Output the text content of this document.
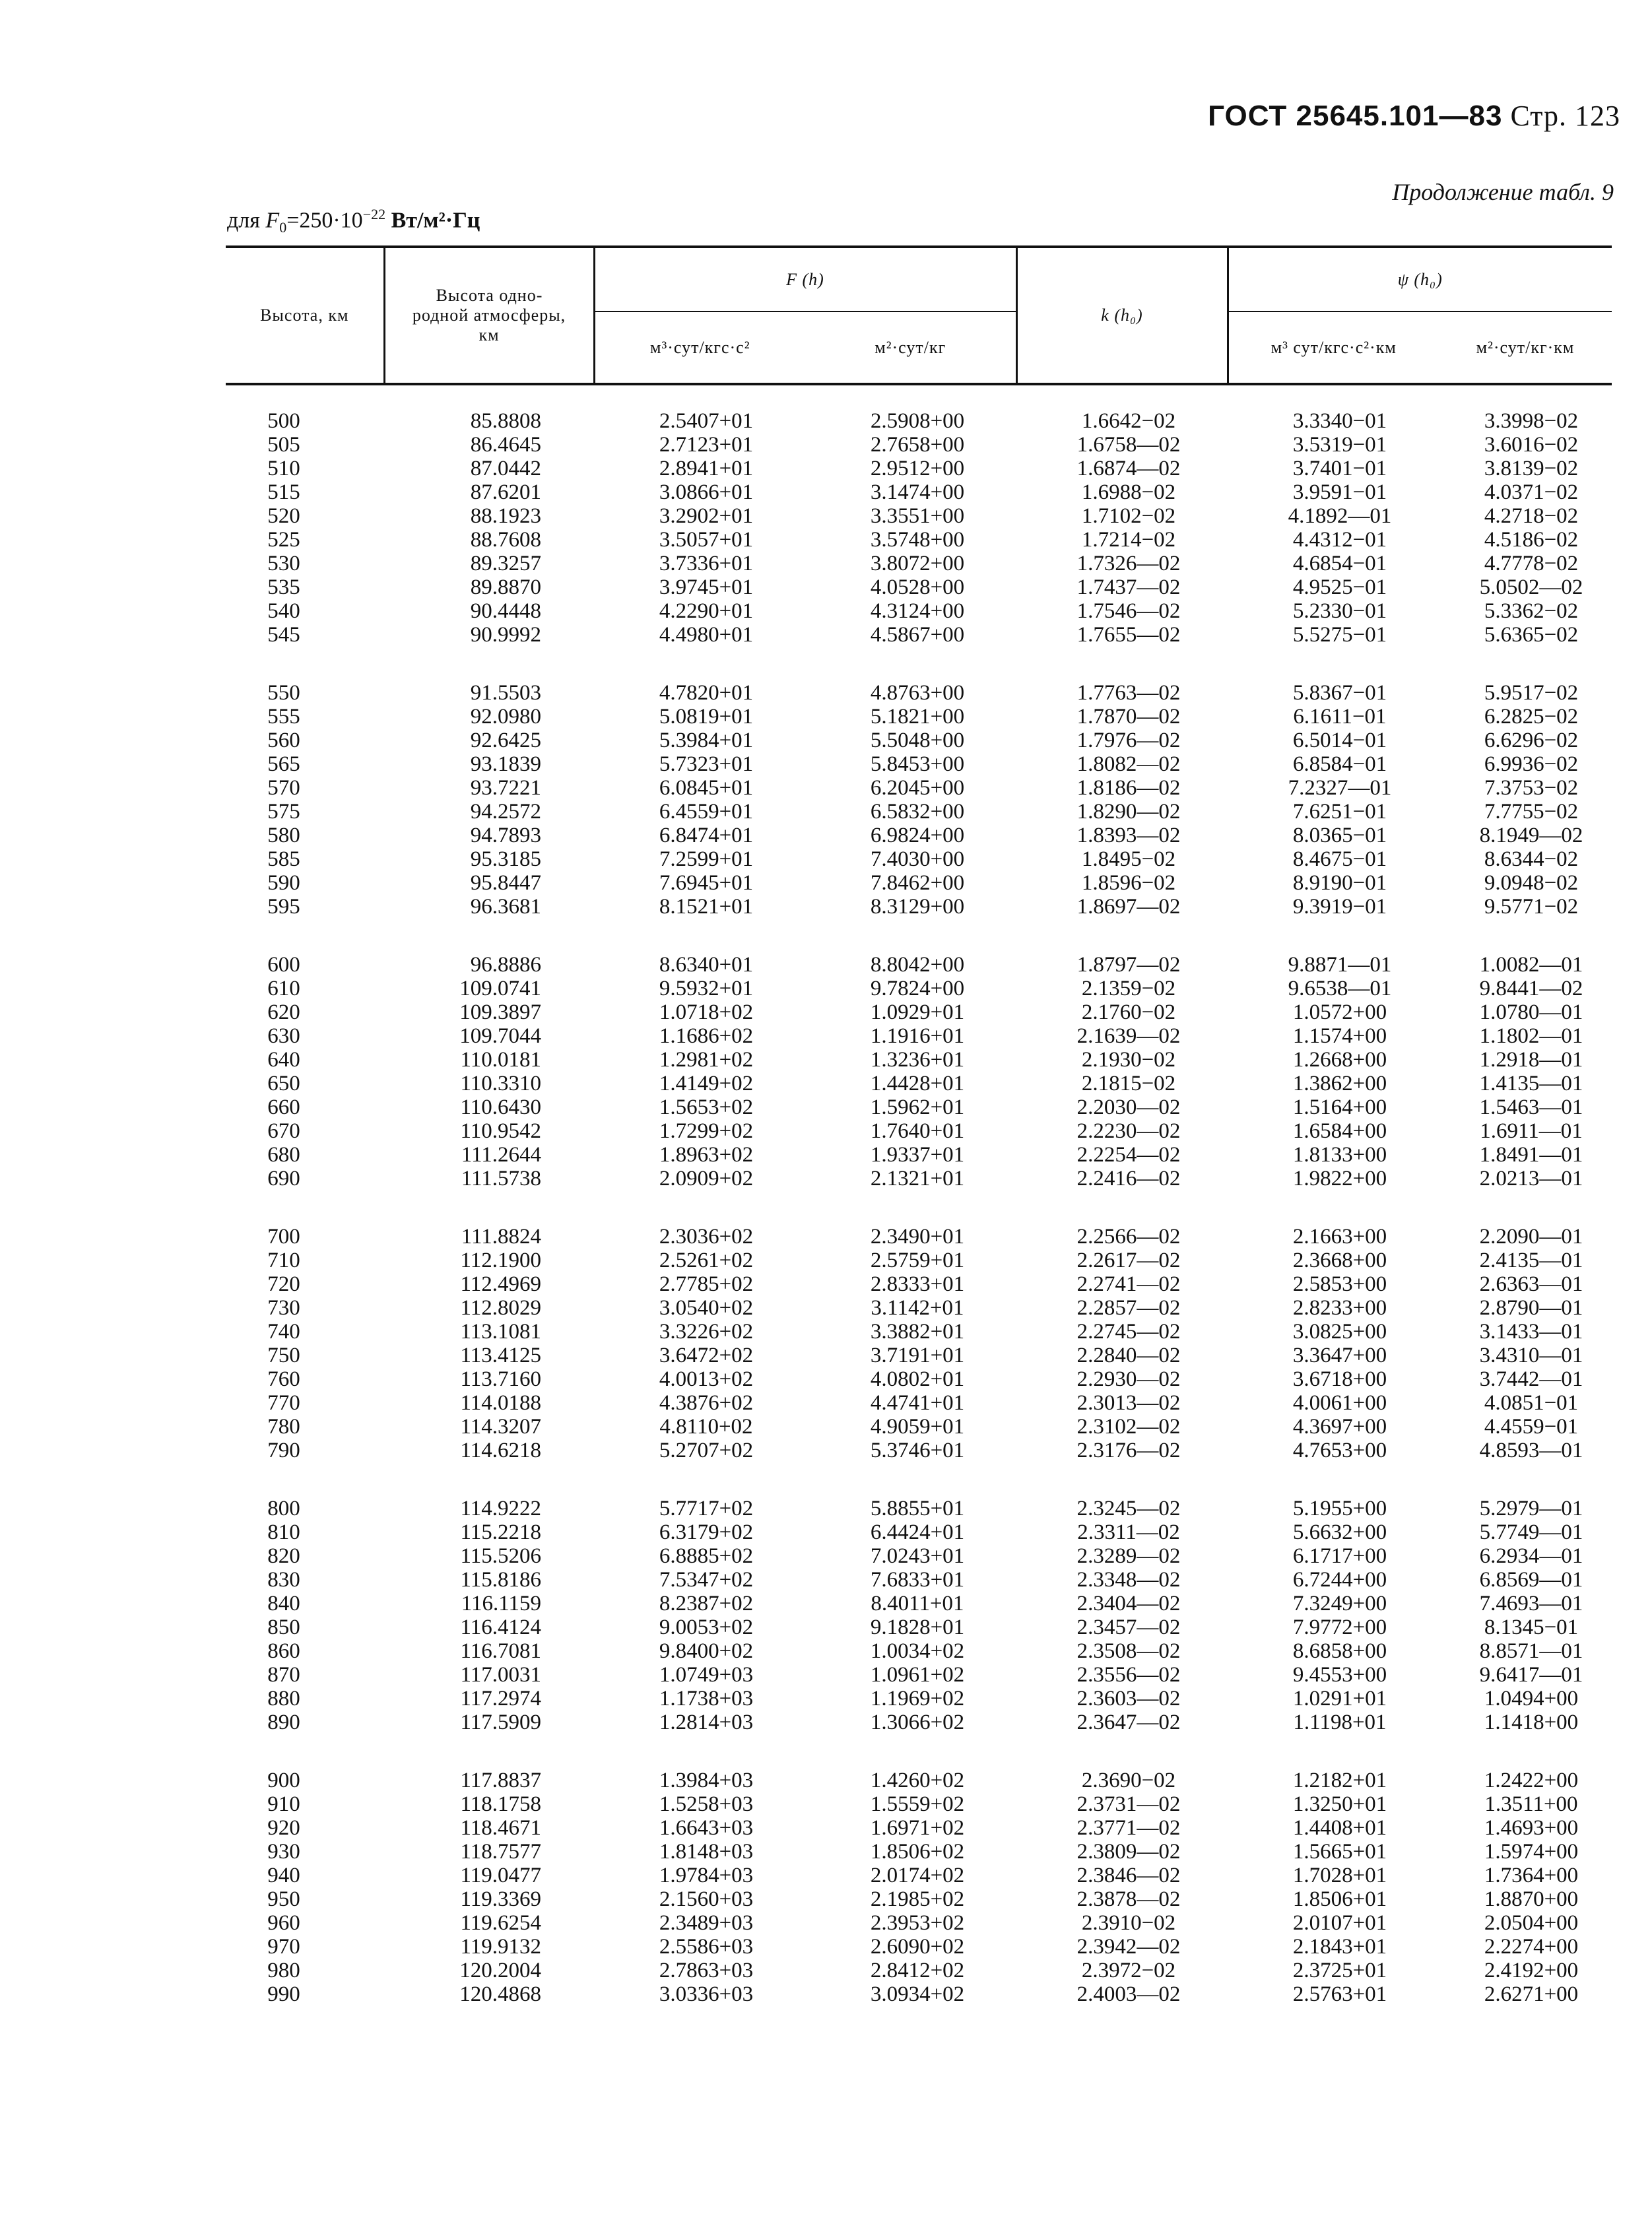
ГОСТ 25645.101—83 Стр. 123
Продолжение табл. 9
для $F_0=250\cdot 10^{-22}$ Вт/м²·Гц
Высота, км	Высота однородной атмосферы, км	F (h)		k (h₀)	ψ (h₀)	
		м³·сут/кгс·с²	м²·сут/кг		м³ сут/кгс·с²·км	м²·сут/кг·км
500	85.8808	2.5407+01	2.5908+00	1.6642−02	3.3340−01	3.3998−02
505	86.4645	2.7123+01	2.7658+00	1.6758—02	3.5319−01	3.6016−02
510	87.0442	2.8941+01	2.9512+00	1.6874—02	3.7401−01	3.8139−02
515	87.6201	3.0866+01	3.1474+00	1.6988−02	3.9591−01	4.0371−02
520	88.1923	3.2902+01	3.3551+00	1.7102−02	4.1892—01	4.2718−02
525	88.7608	3.5057+01	3.5748+00	1.7214−02	4.4312−01	4.5186−02
530	89.3257	3.7336+01	3.8072+00	1.7326—02	4.6854−01	4.7778−02
535	89.8870	3.9745+01	4.0528+00	1.7437—02	4.9525−01	5.0502—02
540	90.4448	4.2290+01	4.3124+00	1.7546—02	5.2330−01	5.3362−02
545	90.9992	4.4980+01	4.5867+00	1.7655—02	5.5275−01	5.6365−02
550	91.5503	4.7820+01	4.8763+00	1.7763—02	5.8367−01	5.9517−02
555	92.0980	5.0819+01	5.1821+00	1.7870—02	6.1611−01	6.2825−02
560	92.6425	5.3984+01	5.5048+00	1.7976—02	6.5014−01	6.6296−02
565	93.1839	5.7323+01	5.8453+00	1.8082—02	6.8584−01	6.9936−02
570	93.7221	6.0845+01	6.2045+00	1.8186—02	7.2327—01	7.3753−02
575	94.2572	6.4559+01	6.5832+00	1.8290—02	7.6251−01	7.7755−02
580	94.7893	6.8474+01	6.9824+00	1.8393—02	8.0365−01	8.1949—02
585	95.3185	7.2599+01	7.4030+00	1.8495−02	8.4675−01	8.6344−02
590	95.8447	7.6945+01	7.8462+00	1.8596−02	8.9190−01	9.0948−02
595	96.3681	8.1521+01	8.3129+00	1.8697—02	9.3919−01	9.5771−02
600	96.8886	8.6340+01	8.8042+00	1.8797—02	9.8871—01	1.0082—01
610	109.0741	9.5932+01	9.7824+00	2.1359−02	9.6538—01	9.8441—02
620	109.3897	1.0718+02	1.0929+01	2.1760−02	1.0572+00	1.0780—01
630	109.7044	1.1686+02	1.1916+01	2.1639—02	1.1574+00	1.1802—01
640	110.0181	1.2981+02	1.3236+01	2.1930−02	1.2668+00	1.2918—01
650	110.3310	1.4149+02	1.4428+01	2.1815−02	1.3862+00	1.4135—01
660	110.6430	1.5653+02	1.5962+01	2.2030—02	1.5164+00	1.5463—01
670	110.9542	1.7299+02	1.7640+01	2.2230—02	1.6584+00	1.6911—01
680	111.2644	1.8963+02	1.9337+01	2.2254—02	1.8133+00	1.8491—01
690	111.5738	2.0909+02	2.1321+01	2.2416—02	1.9822+00	2.0213—01
700	111.8824	2.3036+02	2.3490+01	2.2566—02	2.1663+00	2.2090—01
710	112.1900	2.5261+02	2.5759+01	2.2617—02	2.3668+00	2.4135—01
720	112.4969	2.7785+02	2.8333+01	2.2741—02	2.5853+00	2.6363—01
730	112.8029	3.0540+02	3.1142+01	2.2857—02	2.8233+00	2.8790—01
740	113.1081	3.3226+02	3.3882+01	2.2745—02	3.0825+00	3.1433—01
750	113.4125	3.6472+02	3.7191+01	2.2840—02	3.3647+00	3.4310—01
760	113.7160	4.0013+02	4.0802+01	2.2930—02	3.6718+00	3.7442—01
770	114.0188	4.3876+02	4.4741+01	2.3013—02	4.0061+00	4.0851−01
780	114.3207	4.8110+02	4.9059+01	2.3102—02	4.3697+00	4.4559−01
790	114.6218	5.2707+02	5.3746+01	2.3176—02	4.7653+00	4.8593—01
800	114.9222	5.7717+02	5.8855+01	2.3245—02	5.1955+00	5.2979—01
810	115.2218	6.3179+02	6.4424+01	2.3311—02	5.6632+00	5.7749—01
820	115.5206	6.8885+02	7.0243+01	2.3289—02	6.1717+00	6.2934—01
830	115.8186	7.5347+02	7.6833+01	2.3348—02	6.7244+00	6.8569—01
840	116.1159	8.2387+02	8.4011+01	2.3404—02	7.3249+00	7.4693—01
850	116.4124	9.0053+02	9.1828+01	2.3457—02	7.9772+00	8.1345−01
860	116.7081	9.8400+02	1.0034+02	2.3508—02	8.6858+00	8.8571—01
870	117.0031	1.0749+03	1.0961+02	2.3556—02	9.4553+00	9.6417—01
880	117.2974	1.1738+03	1.1969+02	2.3603—02	1.0291+01	1.0494+00
890	117.5909	1.2814+03	1.3066+02	2.3647—02	1.1198+01	1.1418+00
900	117.8837	1.3984+03	1.4260+02	2.3690−02	1.2182+01	1.2422+00
910	118.1758	1.5258+03	1.5559+02	2.3731—02	1.3250+01	1.3511+00
920	118.4671	1.6643+03	1.6971+02	2.3771—02	1.4408+01	1.4693+00
930	118.7577	1.8148+03	1.8506+02	2.3809—02	1.5665+01	1.5974+00
940	119.0477	1.9784+03	2.0174+02	2.3846—02	1.7028+01	1.7364+00
950	119.3369	2.1560+03	2.1985+02	2.3878—02	1.8506+01	1.8870+00
960	119.6254	2.3489+03	2.3953+02	2.3910−02	2.0107+01	2.0504+00
970	119.9132	2.5586+03	2.6090+02	2.3942—02	2.1843+01	2.2274+00
980	120.2004	2.7863+03	2.8412+02	2.3972−02	2.3725+01	2.4192+00
990	120.4868	3.0336+03	3.0934+02	2.4003—02	2.5763+01	2.6271+00
